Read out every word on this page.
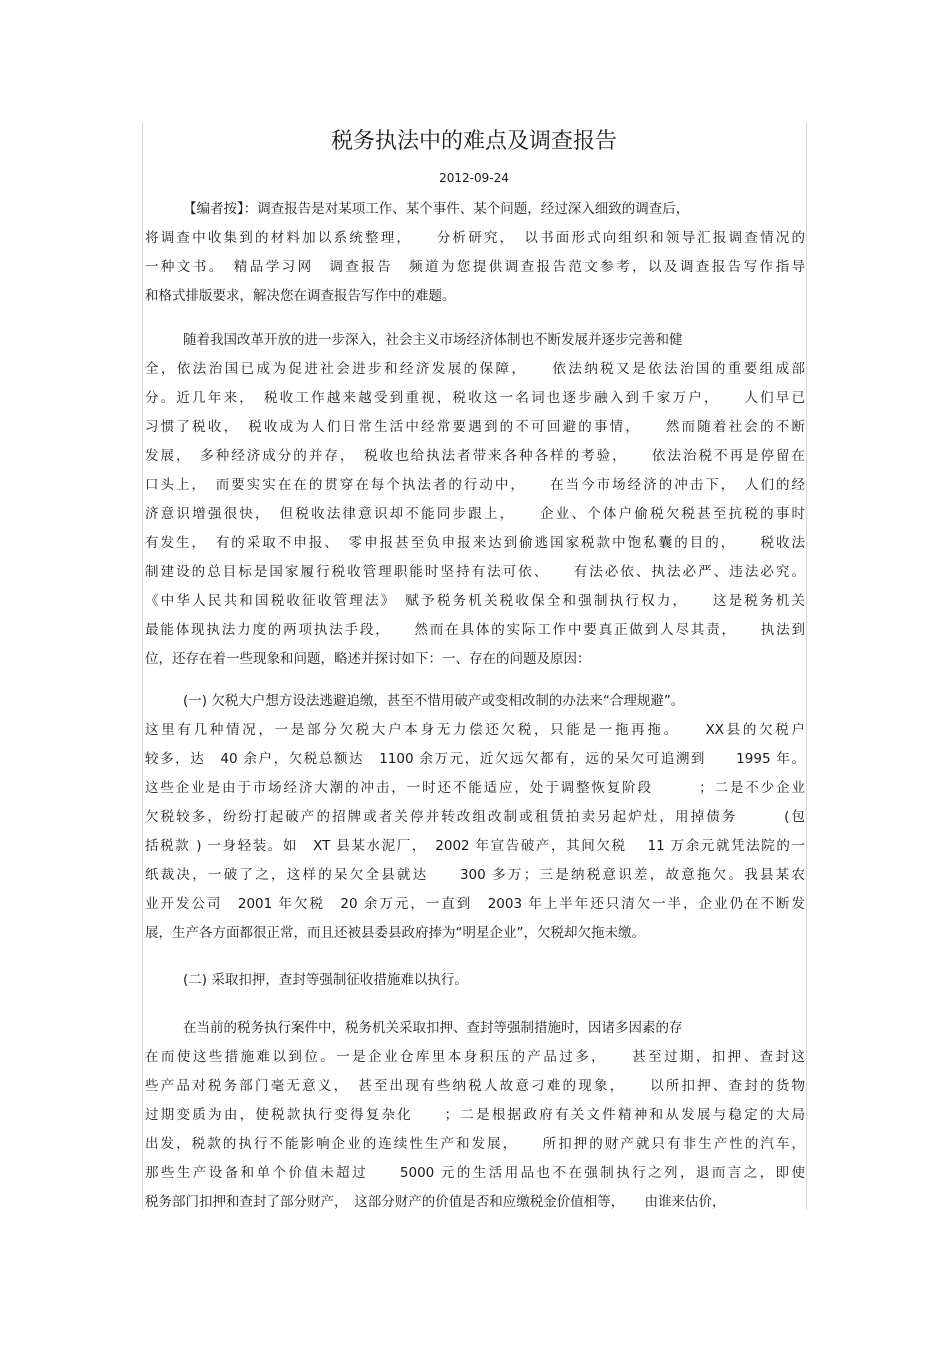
税务执法中的难点及调查报告
2012-09-24
【编者按】：调查报告是对某项工作、某个事件、某个问题，经过深入细致的调查后，
将调查中收集到的材料加以系统整理，　　分析研究，　以书面形式向组织和领导汇报调查情况的
一种文书。　精品学习网　调查报告　频道为您提供调查报告范文参考，以及调查报告写作指导
和格式排版要求，解决您在调查报告写作中的难题。
随着我国改革开放的进一步深入，社会主义市场经济体制也不断发展并逐步完善和健
全，依法治国已成为促进社会进步和经济发展的保障，　　依法纳税又是依法治国的重要组成部
分。近几年来，　税收工作越来越受到重视，税收这一名词也逐步融入到千家万户，　　人们早已
习惯了税收，　税收成为人们日常生活中经常要遇到的不可回避的事情，　　然而随着社会的不断
发展，　多种经济成分的并存，　税收也给执法者带来各种各样的考验，　　依法治税不再是停留在
口头上，　而要实实在在的贯穿在每个执法者的行动中，　　在当今市场经济的冲击下，　人们的经
济意识增强很快，　但税收法律意识却不能同步跟上，　　企业、个体户偷税欠税甚至抗税的事时
有发生，　有的采取不申报、　零申报甚至负申报来达到偷逃国家税款中饱私囊的目的，　　税收法
制建设的总目标是国家履行税收管理职能时坚持有法可依、　　有法必依、执法必严、违法必究。
《中华人民共和国税收征收管理法》　赋予税务机关税收保全和强制执行权力，　　这是税务机关
最能体现执法力度的两项执法手段，　　然而在具体的实际工作中要真正做到人尽其责，　　执法到
位，还存在着一些现象和问题，略述并探讨如下：一、存在的问题及原因：
(一) 欠税大户想方设法逃避追缴，甚至不惜用破产或变相改制的办法来“合理规避”。
这里有几种情况，一是部分欠税大户本身无力偿还欠税，只能是一拖再拖。　　XX县的欠税户
较多，达　40 余户，欠税总额达　1100 余万元，近欠远欠都有，远的呆欠可追溯到　　1995 年。
这些企业是由于市场经济大潮的冲击，一时还不能适应，处于调整恢复阶段　　　；二是不少企业
欠税较多，纷纷打起破产的招牌或者关停并转改组改制或租赁拍卖另起炉灶，用掉债务　　　(包
括税款 ) 一身轻装。如　XT 县某水泥厂，　2002 年宣告破产，其间欠税　 11 万余元就凭法院的一
纸裁决，一破了之，这样的呆欠全县就达　　300 多万；三是纳税意识差，故意拖欠。我县某农
业开发公司　2001 年欠税　20 余万元，一直到　2003 年上半年还只清欠一半，企业仍在不断发
展，生产各方面都很正常，而且还被县委县政府捧为“明星企业”，欠税却欠拖未缴。
(二) 采取扣押，查封等强制征收措施难以执行。
在当前的税务执行案件中，税务机关采取扣押、查封等强制措施时，因诸多因素的存
在而使这些措施难以到位。一是企业仓库里本身积压的产品过多，　　甚至过期，扣押、查封这
些产品对税务部门毫无意义，　甚至出现有些纳税人故意刁难的现象，　　以所扣押、查封的货物
过期变质为由，使税款执行变得复杂化　　；二是根据政府有关文件精神和从发展与稳定的大局
出发，税款的执行不能影响企业的连续性生产和发展，　　所扣押的财产就只有非生产性的汽车，
那些生产设备和单个价值未超过　　5000 元的生活用品也不在强制执行之列，退而言之，即使
税务部门扣押和查封了部分财产，　这部分财产的价值是否和应缴税金价值相等，　　由谁来估价，
